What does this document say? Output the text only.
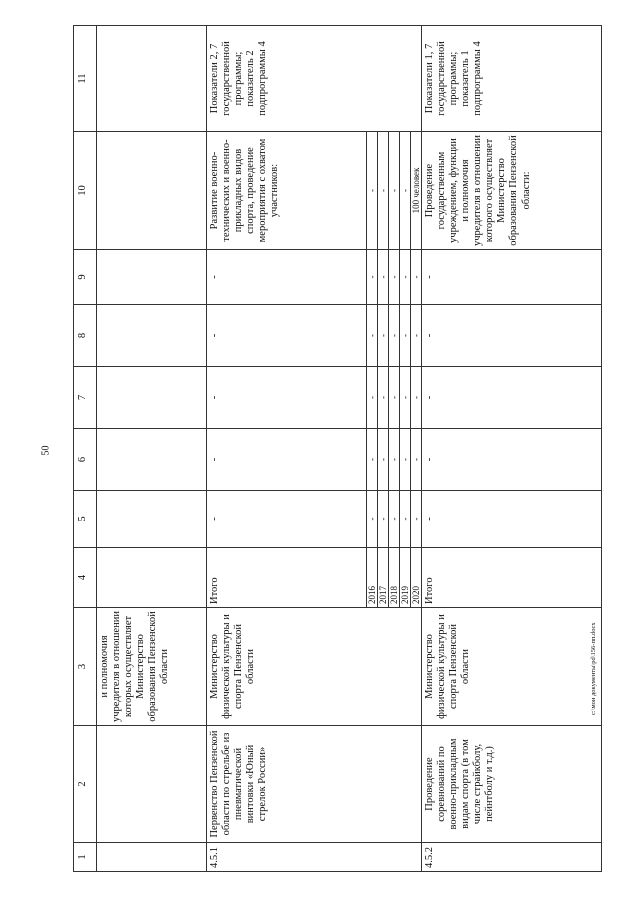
50
c:\мои документы\pd\156-пп.docx
1	2	3	4	5	6	7	8	9	10	11
		и полномочия учредителя в отношении которых осуществляет Министерство образования Пензенской области								
4.5.1	Первенство Пензенской области по стрельбе из пневматической винтовки «Юный стрелок России»	Министерство физической культуры и спорта Пензенской области	Итого	-	-	-	-	-	Развитие военно-технических и военно-прикладных видов спорта, проведение мероприятия с охватом участников:	Показатели 2, 7 государственной программы; показатель 2 подпрограммы 4
			2016	-	-	-	-	-	-	
			2017	-	-	-	-	-	-	
			2018	-	-	-	-	-	-	
			2019	-	-	-	-	-	-	
			2020	-	-	-	-	-	100 человек	
4.5.2	Проведение соревнований по военно-прикладным видам спорта (в том числе страйкболу, пейнтболу и т.д.)	Министерство физической культуры и спорта Пензенской области	Итого	-	-	-	-	-	Проведение государственным учреждением, функции и полномочия учредителя в отношении которого осуществляет Министерство образования Пензенской области:	Показатели 1, 7 государственной программы; показатель 1 подпрограммы 4
